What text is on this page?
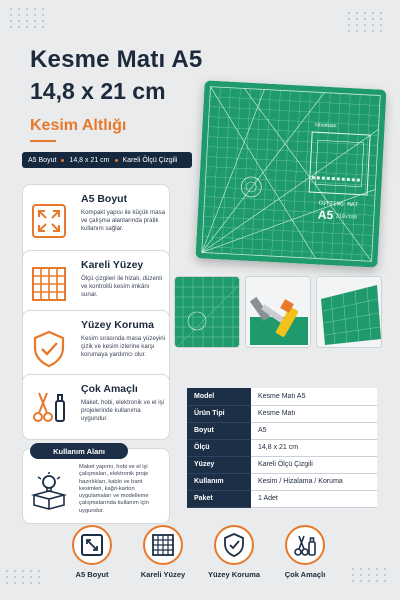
Kesme Matı A5
14,8 x 21 cm
Kesim Altlığı
A5 Boyut 14,8 x 21 cm Kareli Ölçü Çizgili
robotistan
CUTTING MAT
A5 210x150
A5 Boyut
Kompakt yapısı ile küçük masa ve çalışma alanlarında pratik kullanım sağlar.
Kareli Yüzey
Ölçü çizgileri ile hizalı, düzenli ve kontrollü kesim imkânı sunar.
Yüzey Koruma
Kesim sırasında masa yüzeyini çizik ve kesim izlerine karşı korumaya yardımcı olur.
Çok Amaçlı
Maket, hobi, elektronik ve el işi projelerinde kullanıma uygundur.
Model	Kesme Matı A5
Ürün Tipi	Kesme Matı
Boyut	A5
Ölçü	14,8 x 21 cm
Yüzey	Kareli Ölçü Çizgili
Kullanım	Kesim / Hizalama / Koruma
Paket	1 Adet
Maket yapımı, hobi ve el işi çalışmaları, elektronik proje hazırlıkları, kablo ve bant kesimleri, kağıt-karton uygulamaları ve modelleme çalışmalarında kullanım için uygundur.
Kullanım Alanı
A5 Boyut	Kareli Yüzey	Yüzey Koruma	Çok Amaçlı
